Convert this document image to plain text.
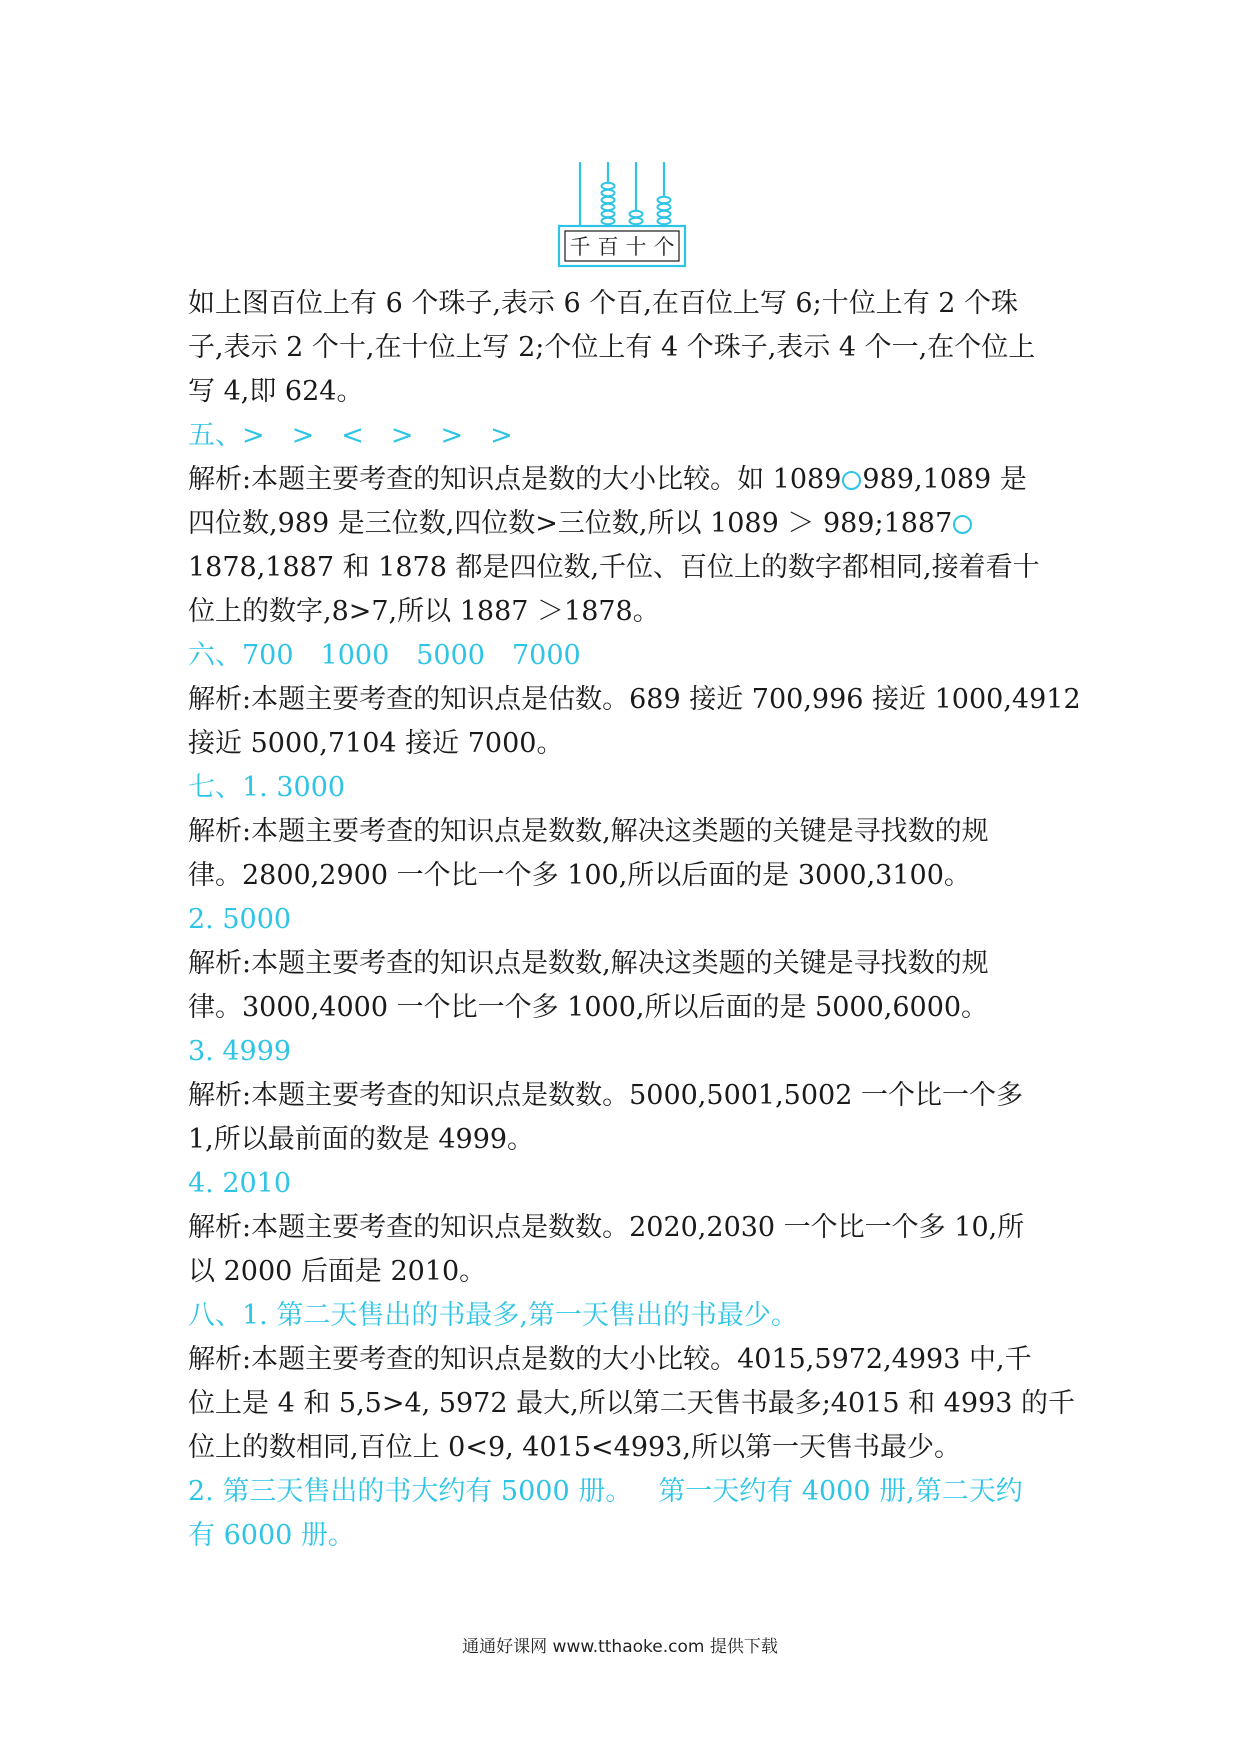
千 百 十 个
如上图百位上有 6 个珠子,表示 6 个百,在百位上写 6;十位上有 2 个珠
子,表示 2 个十,在十位上写 2;个位上有 4 个珠子,表示 4 个一,在个位上
写 4,即 624。
五、>　>　<　>　>　>
解析:本题主要考查的知识点是数的大小比较。如 1089 989,1089 是
四位数,989 是三位数,四位数>三位数,所以 1089 ＞ 989;1887
1878,1887 和 1878 都是四位数,千位、百位上的数字都相同,接着看十
位上的数字,8>7,所以 1887 ＞1878。
六、700　1000　5000　7000
解析:本题主要考查的知识点是估数。689 接近 700,996 接近 1000,4912
接近 5000,7104 接近 7000。
七、1. 3000
解析:本题主要考查的知识点是数数,解决这类题的关键是寻找数的规
律。2800,2900 一个比一个多 100,所以后面的是 3000,3100。
2. 5000
解析:本题主要考查的知识点是数数,解决这类题的关键是寻找数的规
律。3000,4000 一个比一个多 1000,所以后面的是 5000,6000。
3. 4999
解析:本题主要考查的知识点是数数。5000,5001,5002 一个比一个多
1,所以最前面的数是 4999。
4. 2010
解析:本题主要考查的知识点是数数。2020,2030 一个比一个多 10,所
以 2000 后面是 2010。
八、1. 第二天售出的书最多,第一天售出的书最少。
解析:本题主要考查的知识点是数的大小比较。4015,5972,4993 中,千
位上是 4 和 5,5>4, 5972 最大,所以第二天售书最多;4015 和 4993 的千
位上的数相同,百位上 0<9, 4015<4993,所以第一天售书最少。
2. 第三天售出的书大约有 5000 册。 第一天约有 4000 册,第二天约
有 6000 册。
通通好课网 www.tthaoke.com 提供下载
